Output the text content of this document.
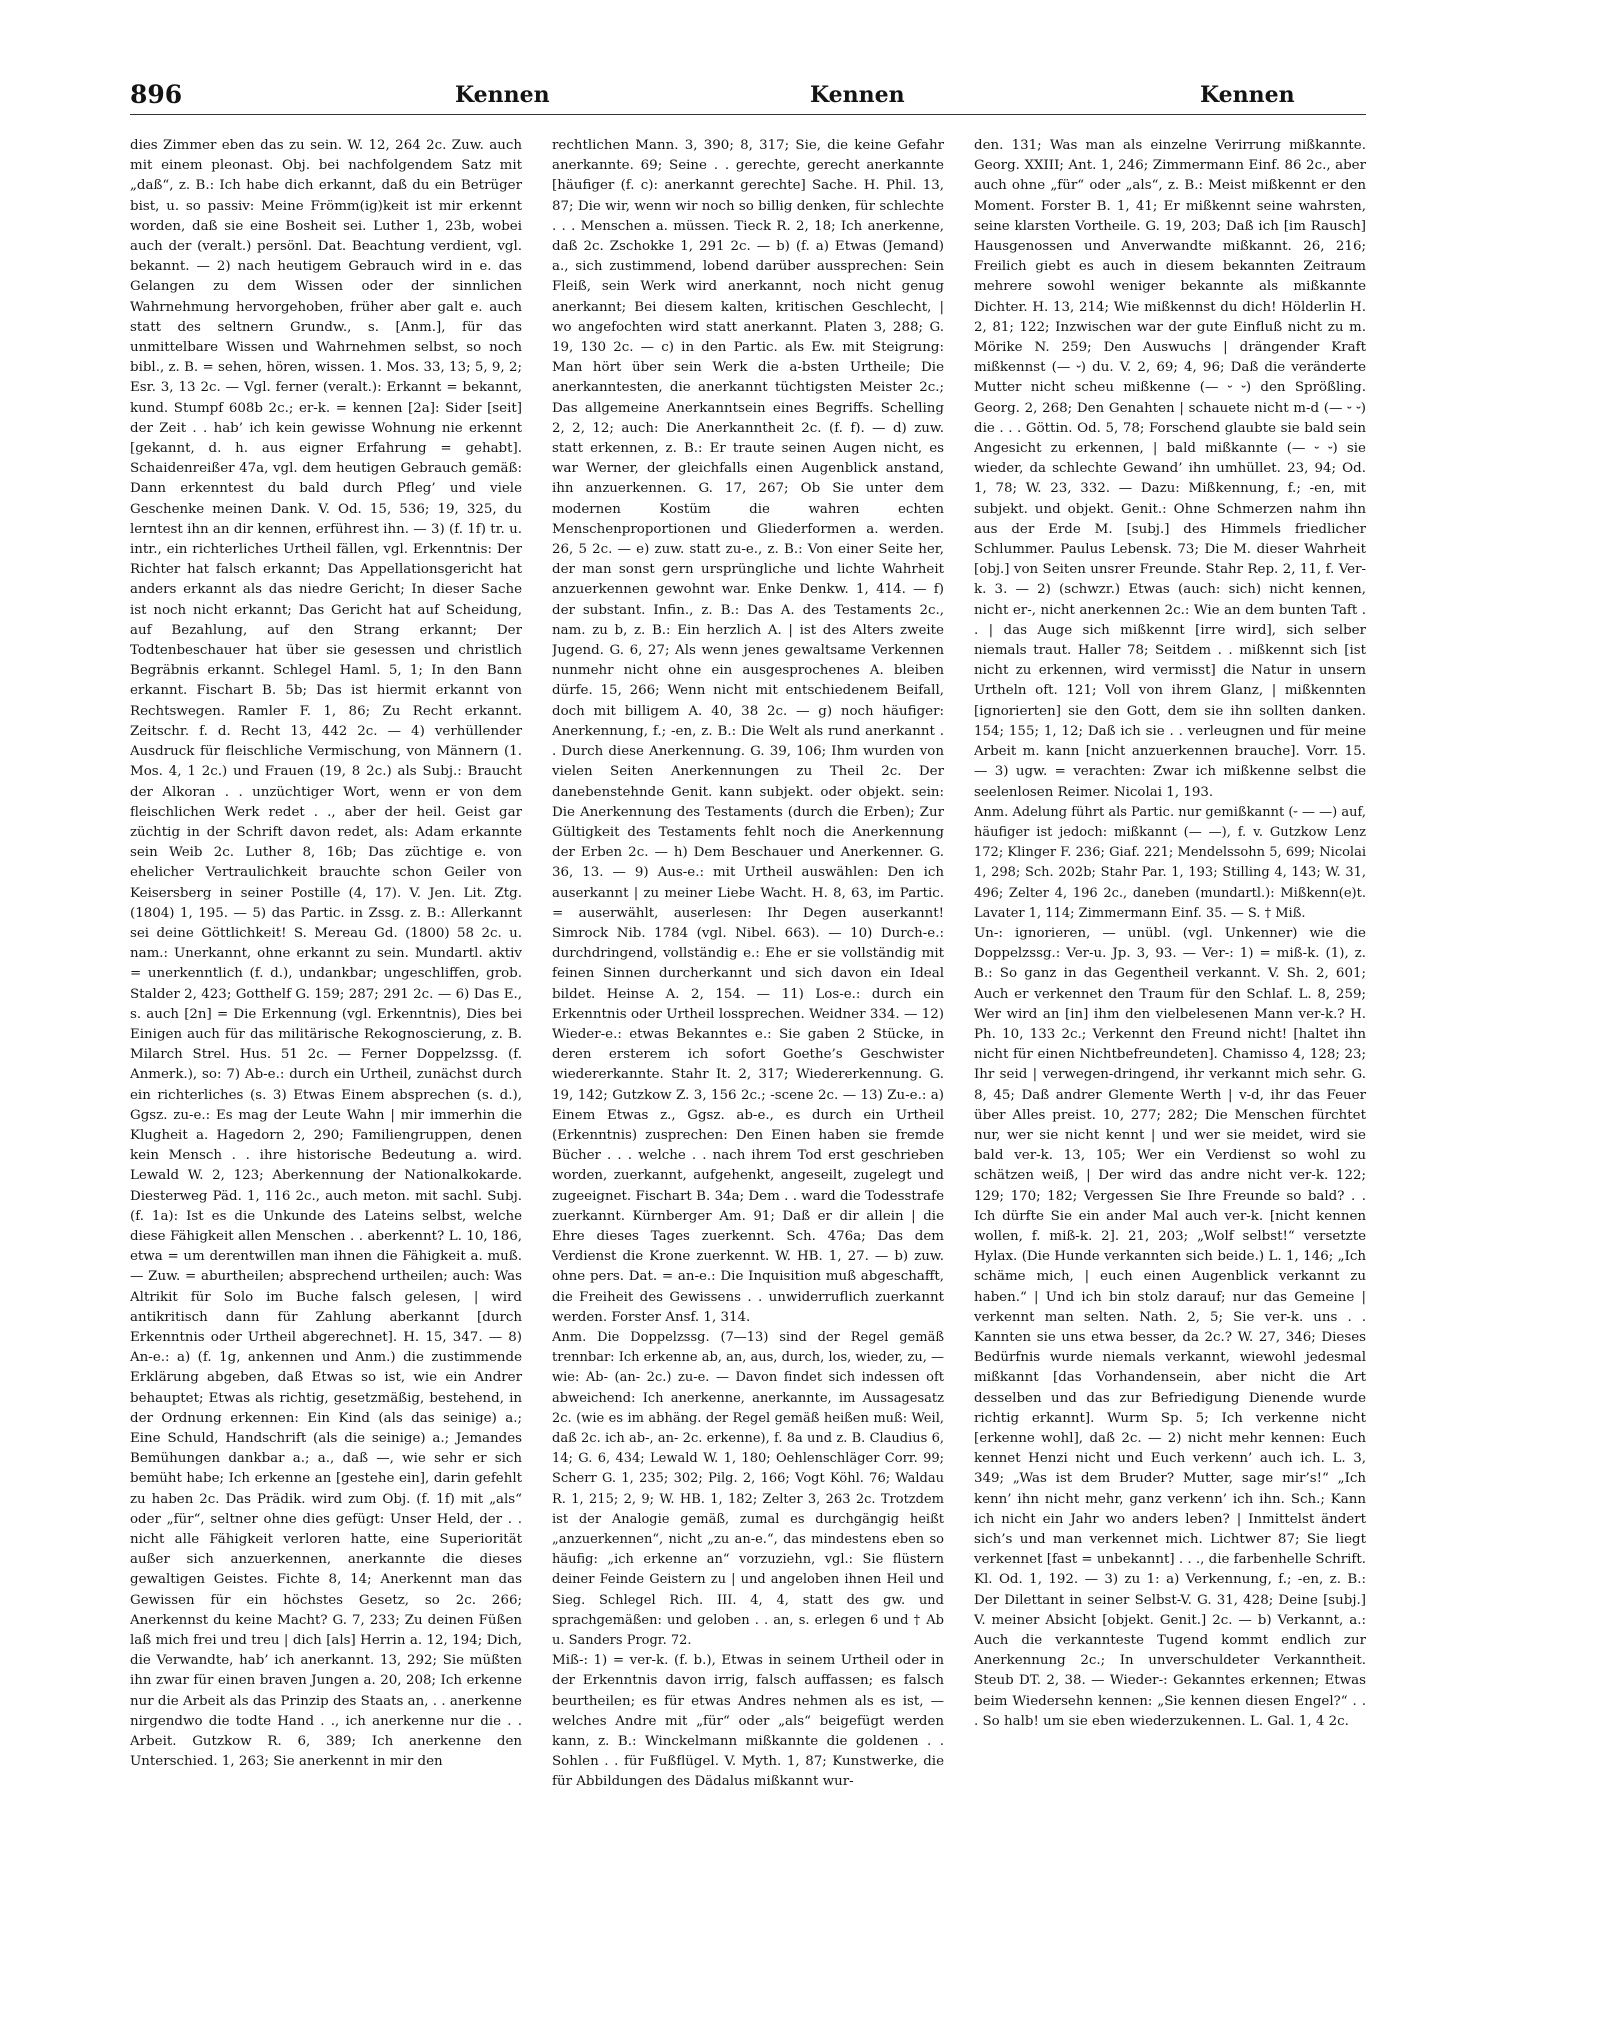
896	Kennen	Kennen	Kennen

dies Zimmer eben das zu sein. W. 12, 264 2c. Zuw. auch mit einem pleonast. Obj. bei nachfolgendem Satz mit „daß“, z. B.: Ich habe dich erkannt, daß du ein Betrüger bist, u. so passiv: Meine Frömm(ig)keit ist mir erkennt worden, daß sie eine Bosheit sei. Luther 1, 23b, wobei auch der (veralt.) persönl. Dat. Beachtung verdient, vgl. bekannt. — 2) nach heutigem Gebrauch wird in e. das Gelangen zu dem Wissen oder der sinnlichen Wahrnehmung hervorgehoben, früher aber galt e. auch statt des seltnern Grundw., s. [Anm.], für das unmittelbare Wissen und Wahrnehmen selbst, so noch bibl., z. B. = sehen, hören, wissen. 1. Mos. 33, 13; 5, 9, 2; Esr. 3, 13 2c. — Vgl. ferner (veralt.): Erkannt = bekannt, kund. Stumpf 608b 2c.; er-k. = kennen [2a]: Sider [seit] der Zeit . . hab’ ich kein gewisse Wohnung nie erkennt [gekannt, d. h. aus eigner Erfahrung = gehabt]. Schaidenreißer 47a, vgl. dem heutigen Gebrauch gemäß: Dann erkenntest du bald durch Pfleg’ und viele Geschenke meinen Dank. V. Od. 15, 536; 19, 325, du lerntest ihn an dir kennen, erführest ihn. — 3) (f. 1f) tr. u. intr., ein richterliches Urtheil fällen, vgl. Erkenntnis: Der Richter hat falsch erkannt; Das Appellationsgericht hat anders erkannt als das niedre Gericht; In dieser Sache ist noch nicht erkannt; Das Gericht hat auf Scheidung, auf Bezahlung, auf den Strang erkannt; Der Todtenbeschauer hat über sie gesessen und christlich Begräbnis erkannt. Schlegel Haml. 5, 1; In den Bann erkannt. Fischart B. 5b; Das ist hiermit erkannt von Rechtswegen. Ramler F. 1, 86; Zu Recht erkannt. Zeitschr. f. d. Recht 13, 442 2c. — 4) verhüllender Ausdruck für fleischliche Vermischung, von Männern (1. Mos. 4, 1 2c.) und Frauen (19, 8 2c.) als Subj.: Braucht der Alkoran . . unzüchtiger Wort, wenn er von dem fleischlichen Werk redet . ., aber der heil. Geist gar züchtig in der Schrift davon redet, als: Adam erkannte sein Weib 2c. Luther 8, 16b; Das züchtige e. von ehelicher Vertraulichkeit brauchte schon Geiler von Keisersberg in seiner Postille (4, 17). V. Jen. Lit. Ztg. (1804) 1, 195. — 5) das Partic. in Zssg. z. B.: Allerkannt sei deine Göttlichkeit! S. Mereau Gd. (1800) 58 2c. u. nam.: Unerkannt, ohne erkannt zu sein. Mundartl. aktiv = unerkenntlich (f. d.), undankbar; ungeschliffen, grob. Stalder 2, 423; Gotthelf G. 159; 287; 291 2c. — 6) Das E., s. auch [2n] = Die Erkennung (vgl. Erkenntnis), Dies bei Einigen auch für das militärische Rekognoscierung, z. B. Milarch Strel. Hus. 51 2c. — Ferner Doppelzssg. (f. Anmerk.), so: 7) Ab-e.: durch ein Urtheil, zunächst durch ein richterliches (s. 3) Etwas Einem absprechen (s. d.), Ggsz. zu-e.: Es mag der Leute Wahn | mir immerhin die Klugheit a. Hagedorn 2, 290; Familiengruppen, denen kein Mensch . . ihre historische Bedeutung a. wird. Lewald W. 2, 123; Aberkennung der Nationalkokarde. Diesterweg Päd. 1, 116 2c., auch meton. mit sachl. Subj. (f. 1a): Ist es die Unkunde des Lateins selbst, welche diese Fähigkeit allen Menschen . . aberkennt? L. 10, 186, etwa = um derentwillen man ihnen die Fähigkeit a. muß. — Zuw. = aburtheilen; absprechend urtheilen; auch: Was Altrikit für Solo im Buche falsch gelesen, | wird antikritisch dann für Zahlung aberkannt [durch Erkenntnis oder Urtheil abgerechnet]. H. 15, 347. — 8) An-e.: a) (f. 1g, ankennen und Anm.) die zustimmende Erklärung abgeben, daß Etwas so ist, wie ein Andrer behauptet; Etwas als richtig, gesetzmäßig, bestehend, in der Ordnung erkennen: Ein Kind (als das seinige) a.; Eine Schuld, Handschrift (als die seinige) a.; Jemandes Bemühungen dankbar a.; a., daß —, wie sehr er sich bemüht habe; Ich erkenne an [gestehe ein], darin gefehlt zu haben 2c. Das Prädik. wird zum Obj. (f. 1f) mit „als“ oder „für“, seltner ohne dies gefügt: Unser Held, der . . nicht alle Fähigkeit verloren hatte, eine Superiorität außer sich anzuerkennen, anerkannte die dieses gewaltigen Geistes. Fichte 8, 14; Anerkennt man das Gewissen für ein höchstes Gesetz, so 2c. 266; Anerkennst du keine Macht? G. 7, 233; Zu deinen Füßen laß mich frei und treu | dich [als] Herrin a. 12, 194; Dich, die Verwandte, hab’ ich anerkannt. 13, 292; Sie müßten ihn zwar für einen braven Jungen a. 20, 208; Ich erkenne nur die Arbeit als das Prinzip des Staats an, . . anerkenne nirgendwo die todte Hand . ., ich anerkenne nur die . . Arbeit. Gutzkow R. 6, 389; Ich anerkenne den Unterschied. 1, 263; Sie anerkennt in mir den

rechtlichen Mann. 3, 390; 8, 317; Sie, die keine Gefahr anerkannte. 69; Seine . . gerechte, gerecht anerkannte [häufiger (f. c): anerkannt gerechte] Sache. H. Phil. 13, 87; Die wir, wenn wir noch so billig denken, für schlechte . . . Menschen a. müssen. Tieck R. 2, 18; Ich anerkenne, daß 2c. Zschokke 1, 291 2c. — b) (f. a) Etwas (Jemand) a., sich zustimmend, lobend darüber aussprechen: Sein Fleiß, sein Werk wird anerkannt, noch nicht genug anerkannt; Bei diesem kalten, kritischen Geschlecht, | wo angefochten wird statt anerkannt. Platen 3, 288; G. 19, 130 2c. — c) in den Partic. als Ew. mit Steigrung: Man hört über sein Werk die a-bsten Urtheile; Die anerkanntesten, die anerkannt tüchtigsten Meister 2c.; Das allgemeine Anerkanntsein eines Begriffs. Schelling 2, 2, 12; auch: Die Anerkanntheit 2c. (f. f). — d) zuw. statt erkennen, z. B.: Er traute seinen Augen nicht, es war Werner, der gleichfalls einen Augenblick anstand, ihn anzuerkennen. G. 17, 267; Ob Sie unter dem modernen Kostüm die wahren echten Menschenproportionen und Gliederformen a. werden. 26, 5 2c. — e) zuw. statt zu-e., z. B.: Von einer Seite her, der man sonst gern ursprüngliche und lichte Wahrheit anzuerkennen gewohnt war. Enke Denkw. 1, 414. — f) der substant. Infin., z. B.: Das A. des Testaments 2c., nam. zu b, z. B.: Ein herzlich A. | ist des Alters zweite Jugend. G. 6, 27; Als wenn jenes gewaltsame Verkennen nunmehr nicht ohne ein ausgesprochenes A. bleiben dürfe. 15, 266; Wenn nicht mit entschiedenem Beifall, doch mit billigem A. 40, 38 2c. — g) noch häufiger: Anerkennung, f.; -en, z. B.: Die Welt als rund anerkannt . . Durch diese Anerkennung. G. 39, 106; Ihm wurden von vielen Seiten Anerkennungen zu Theil 2c. Der danebenstehnde Genit. kann subjekt. oder objekt. sein: Die Anerkennung des Testaments (durch die Erben); Zur Gültigkeit des Testaments fehlt noch die Anerkennung der Erben 2c. — h) Dem Beschauer und Anerkenner. G. 36, 13. — 9) Aus-e.: mit Urtheil auswählen: Den ich auserkannt | zu meiner Liebe Wacht. H. 8, 63, im Partic. = auserwählt, auserlesen: Ihr Degen auserkannt! Simrock Nib. 1784 (vgl. Nibel. 663). — 10) Durch-e.: durchdringend, vollständig e.: Ehe er sie vollständig mit feinen Sinnen durcherkannt und sich davon ein Ideal bildet. Heinse A. 2, 154. — 11) Los-e.: durch ein Erkenntnis oder Urtheil lossprechen. Weidner 334. — 12) Wieder-e.: etwas Bekanntes e.: Sie gaben 2 Stücke, in deren ersterem ich sofort Goethe’s Geschwister wiedererkannte. Stahr It. 2, 317; Wiedererkennung. G. 19, 142; Gutzkow Z. 3, 156 2c.; -scene 2c. — 13) Zu-e.: a) Einem Etwas z., Ggsz. ab-e., es durch ein Urtheil (Erkenntnis) zusprechen: Den Einen haben sie fremde Bücher . . . welche . . nach ihrem Tod erst geschrieben worden, zuerkannt, aufgehenkt, angeseilt, zugelegt und zugeeignet. Fischart B. 34a; Dem . . ward die Todesstrafe zuerkannt. Kürnberger Am. 91; Daß er dir allein | die Ehre dieses Tages zuerkennt. Sch. 476a; Das dem Verdienst die Krone zuerkennt. W. HB. 1, 27. — b) zuw. ohne pers. Dat. = an-e.: Die Inquisition muß abgeschafft, die Freiheit des Gewissens . . unwiderruflich zuerkannt werden. Forster Ansf. 1, 314.

Anm. Die Doppelzssg. (7—13) sind der Regel gemäß trennbar: Ich erkenne ab, an, aus, durch, los, wieder, zu, — wie: Ab- (an- 2c.) zu-e. — Davon findet sich indessen oft abweichend: Ich anerkenne, anerkannte, im Aussagesatz 2c. (wie es im abhäng. der Regel gemäß heißen muß: Weil, daß 2c. ich ab-, an- 2c. erkenne), f. 8a und z. B. Claudius 6, 14; G. 6, 434; Lewald W. 1, 180; Oehlenschläger Corr. 99; Scherr G. 1, 235; 302; Pilg. 2, 166; Vogt Köhl. 76; Waldau R. 1, 215; 2, 9; W. HB. 1, 182; Zelter 3, 263 2c. Trotzdem ist der Analogie gemäß, zumal es durchgängig heißt „anzuerkennen“, nicht „zu an-e.“, das mindestens eben so häufig: „ich erkenne an“ vorzuziehn, vgl.: Sie flüstern deiner Feinde Geistern zu | und angeloben ihnen Heil und Sieg. Schlegel Rich. III. 4, 4, statt des gw. und sprachgemäßen: und geloben . . an, s. erlegen 6 und † Ab u. Sanders Progr. 72.

Miß-: 1) = ver-k. (f. b.), Etwas in seinem Urtheil oder in der Erkenntnis davon irrig, falsch auffassen; es falsch beurtheilen; es für etwas Andres nehmen als es ist, — welches Andre mit „für“ oder „als“ beigefügt werden kann, z. B.: Winckelmann mißkannte die goldenen . . Sohlen . . für Fußflügel. V. Myth. 1, 87; Kunstwerke, die für Abbildungen des Dädalus mißkannt wur-

den. 131; Was man als einzelne Verirrung mißkannte. Georg. XXIII; Ant. 1, 246; Zimmermann Einf. 86 2c., aber auch ohne „für“ oder „als“, z. B.: Meist mißkennt er den Moment. Forster B. 1, 41; Er mißkennt seine wahrsten, seine klarsten Vortheile. G. 19, 203; Daß ich [im Rausch] Hausgenossen und Anverwandte mißkannt. 26, 216; Freilich giebt es auch in diesem bekannten Zeitraum mehrere sowohl weniger bekannte als mißkannte Dichter. H. 13, 214; Wie mißkennst du dich! Hölderlin H. 2, 81; 122; Inzwischen war der gute Einfluß nicht zu m. Mörike N. 259; Den Auswuchs | drängender Kraft mißkennst (— ⏑) du. V. 2, 69; 4, 96; Daß die veränderte Mutter nicht scheu mißkenne (— ⏑ ⏑) den Sprößling. Georg. 2, 268; Den Genahten | schauete nicht m-d (— ⏑ ⏑) die . . . Göttin. Od. 5, 78; Forschend glaubte sie bald sein Angesicht zu erkennen, | bald mißkannte (— ⏑ ⏑) sie wieder, da schlechte Gewand’ ihn umhüllet. 23, 94; Od. 1, 78; W. 23, 332. — Dazu: Mißkennung, f.; -en, mit subjekt. und objekt. Genit.: Ohne Schmerzen nahm ihn aus der Erde M. [subj.] des Himmels friedlicher Schlummer. Paulus Lebensk. 73; Die M. dieser Wahrheit [obj.] von Seiten unsrer Freunde. Stahr Rep. 2, 11, f. Ver-k. 3. — 2) (schwzr.) Etwas (auch: sich) nicht kennen, nicht er-, nicht anerkennen 2c.: Wie an dem bunten Taft . . | das Auge sich mißkennt [irre wird], sich selber niemals traut. Haller 78; Seitdem . . mißkennt sich [ist nicht zu erkennen, wird vermisst] die Natur in unsern Urtheln oft. 121; Voll von ihrem Glanz, | mißkennten [ignorierten] sie den Gott, dem sie ihn sollten danken. 154; 155; 1, 12; Daß ich sie . . verleugnen und für meine Arbeit m. kann [nicht anzuerkennen brauche]. Vorr. 15. — 3) ugw. = verachten: Zwar ich mißkenne selbst die seelenlosen Reimer. Nicolai 1, 193.

Anm. Adelung führt als Partic. nur gemißkannt (⏑ — —) auf, häufiger ist jedoch: mißkannt (— —), f. v. Gutzkow Lenz 172; Klinger F. 236; Giaf. 221; Mendelssohn 5, 699; Nicolai 1, 298; Sch. 202b; Stahr Par. 1, 193; Stilling 4, 143; W. 31, 496; Zelter 4, 196 2c., daneben (mundartl.): Mißkenn(e)t. Lavater 1, 114; Zimmermann Einf. 35. — S. † Miß.

Un-: ignorieren, — unübl. (vgl. Unkenner) wie die Doppelzssg.: Ver-u. Jp. 3, 93. — Ver-: 1) = miß-k. (1), z. B.: So ganz in das Gegentheil verkannt. V. Sh. 2, 601; Auch er verkennet den Traum für den Schlaf. L. 8, 259; Wer wird an [in] ihm den vielbelesenen Mann ver-k.? H. Ph. 10, 133 2c.; Verkennt den Freund nicht! [haltet ihn nicht für einen Nichtbefreundeten]. Chamisso 4, 128; 23; Ihr seid | verwegen-dringend, ihr verkannt mich sehr. G. 8, 45; Daß andrer Glemente Werth | v-d, ihr das Feuer über Alles preist. 10, 277; 282; Die Menschen fürchtet nur, wer sie nicht kennt | und wer sie meidet, wird sie bald ver-k. 13, 105; Wer ein Verdienst so wohl zu schätzen weiß, | Der wird das andre nicht ver-k. 122; 129; 170; 182; Vergessen Sie Ihre Freunde so bald? . . Ich dürfte Sie ein ander Mal auch ver-k. [nicht kennen wollen, f. miß-k. 2]. 21, 203; „Wolf selbst!“ versetzte Hylax. (Die Hunde verkannten sich beide.) L. 1, 146; „Ich schäme mich, | euch einen Augenblick verkannt zu haben.“ | Und ich bin stolz darauf; nur das Gemeine | verkennt man selten. Nath. 2, 5; Sie ver-k. uns . . Kannten sie uns etwa besser, da 2c.? W. 27, 346; Dieses Bedürfnis wurde niemals verkannt, wiewohl jedesmal mißkannt [das Vorhandensein, aber nicht die Art desselben und das zur Befriedigung Dienende wurde richtig erkannt]. Wurm Sp. 5; Ich verkenne nicht [erkenne wohl], daß 2c. — 2) nicht mehr kennen: Euch kennet Henzi nicht und Euch verkenn’ auch ich. L. 3, 349; „Was ist dem Bruder? Mutter, sage mir’s!“ „Ich kenn’ ihn nicht mehr, ganz verkenn’ ich ihn. Sch.; Kann ich nicht ein Jahr wo anders leben? | Inmittelst ändert sich’s und man verkennet mich. Lichtwer 87; Sie liegt verkennet [fast = unbekannt] . . ., die farbenhelle Schrift. Kl. Od. 1, 192. — 3) zu 1: a) Verkennung, f.; -en, z. B.: Der Dilettant in seiner Selbst-V. G. 31, 428; Deine [subj.] V. meiner Absicht [objekt. Genit.] 2c. — b) Verkannt, a.: Auch die verkannteste Tugend kommt endlich zur Anerkennung 2c.; In unverschuldeter Verkanntheit. Steub DT. 2, 38. — Wieder-: Gekanntes erkennen; Etwas beim Wiedersehn kennen: „Sie kennen diesen Engel?“ . . . So halb! um sie eben wiederzukennen. L. Gal. 1, 4 2c.
